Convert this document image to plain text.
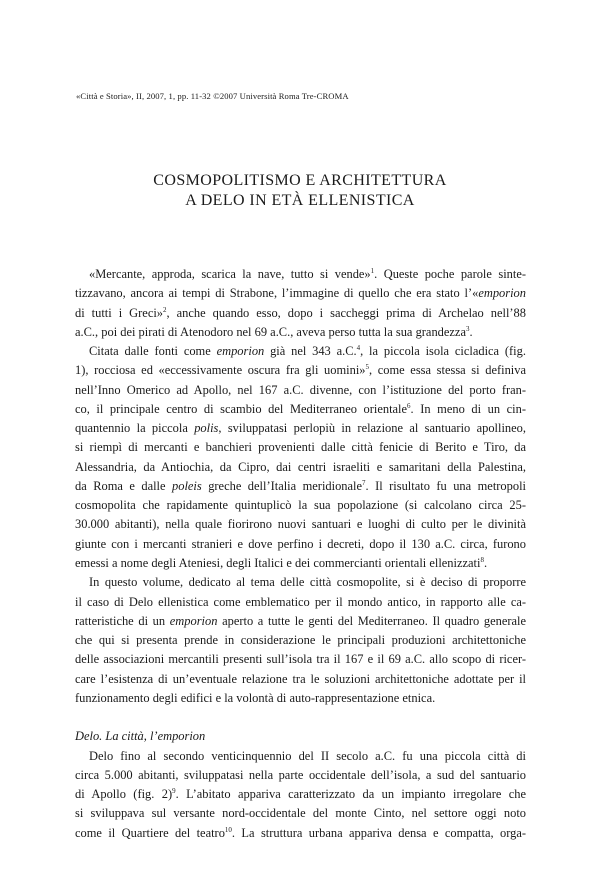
«Città e Storia», II, 2007, 1, pp. 11-32 ©2007 Università Roma Tre-CROMA
COSMOPOLITISMO E ARCHITETTURA
A DELO IN ETÀ ELLENISTICA
«Mercante, approda, scarica la nave, tutto si vende»$^1$. Queste poche parole sinte-
tizzavano, ancora ai tempi di Strabone, l’immagine di quello che era stato l’«emporion
di tutti i Greci»$^2$, anche quando esso, dopo i saccheggi prima di Archelao nell’88
a.C., poi dei pirati di Atenodoro nel 69 a.C., aveva perso tutta la sua grandezza$^3$.
Citata dalle fonti come emporion già nel 343 a.C.$^4$, la piccola isola cicladica (fig.
1), rocciosa ed «eccessivamente oscura fra gli uomini»$^5$, come essa stessa si definiva
nell’Inno Omerico ad Apollo, nel 167 a.C. divenne, con l’istituzione del porto fran-
co, il principale centro di scambio del Mediterraneo orientale$^6$. In meno di un cin-
quantennio la piccola polis, sviluppatasi perlopiù in relazione al santuario apollineo,
si riempì di mercanti e banchieri provenienti dalle città fenicie di Berito e Tiro, da
Alessandria, da Antiochia, da Cipro, dai centri israeliti e samaritani della Palestina,
da Roma e dalle poleis greche dell’Italia meridionale$^7$. Il risultato fu una metropoli
cosmopolita che rapidamente quintuplicò la sua popolazione (si calcolano circa 25-
30.000 abitanti), nella quale fiorirono nuovi santuari e luoghi di culto per le divinità
giunte con i mercanti stranieri e dove perfino i decreti, dopo il 130 a.C. circa, furono
emessi a nome degli Ateniesi, degli Italici e dei commercianti orientali ellenizzati$^8$.
In questo volume, dedicato al tema delle città cosmopolite, si è deciso di proporre
il caso di Delo ellenistica come emblematico per il mondo antico, in rapporto alle ca-
ratteristiche di un emporion aperto a tutte le genti del Mediterraneo. Il quadro generale
che qui si presenta prende in considerazione le principali produzioni architettoniche
delle associazioni mercantili presenti sull’isola tra il 167 e il 69 a.C. allo scopo di ricer-
care l’esistenza di un’eventuale relazione tra le soluzioni architettoniche adottate per il
funzionamento degli edifici e la volontà di auto-rappresentazione etnica.
Delo. La città, l’emporion
Delo fino al secondo venticinquennio del II secolo a.C. fu una piccola città di
circa 5.000 abitanti, sviluppatasi nella parte occidentale dell’isola, a sud del santuario
di Apollo (fig. 2)$^9$. L’abitato appariva caratterizzato da un impianto irregolare che
si sviluppava sul versante nord-occidentale del monte Cinto, nel settore oggi noto
come il Quartiere del teatro$^{10}$. La struttura urbana appariva densa e compatta, orga-
